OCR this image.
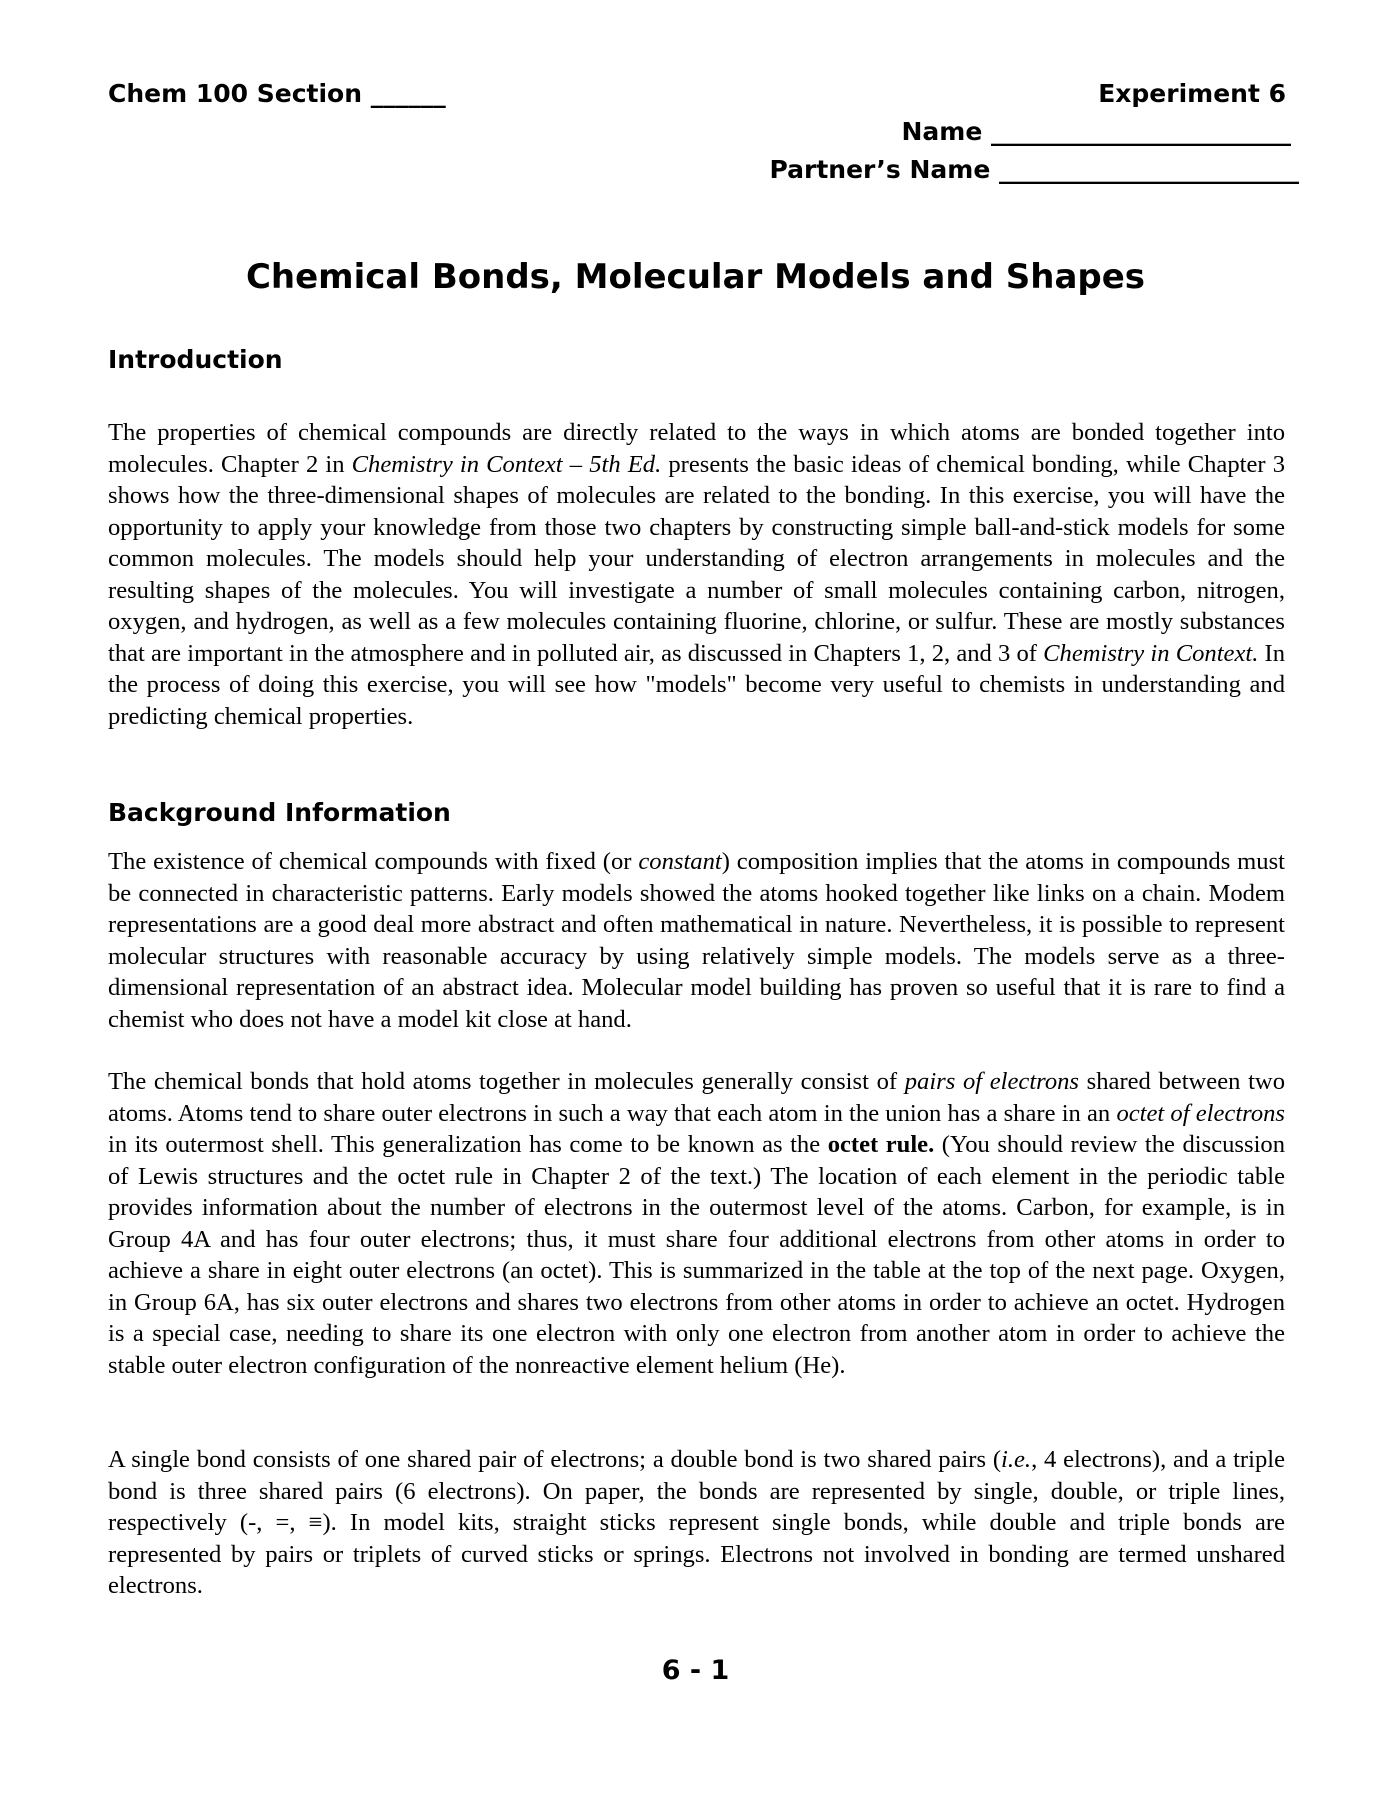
Chem 100 Section ______	Experiment 6
Name ________________________
Partner’s Name ________________________
Chemical Bonds, Molecular Models and Shapes
Introduction

The properties of chemical compounds are directly related to the ways in which atoms are bonded together into molecules. Chapter 2 in Chemistry in Context – 5th Ed. presents the basic ideas of chemical bonding, while Chapter 3 shows how the three-dimensional shapes of molecules are related to the bonding. In this exercise, you will have the opportunity to apply your knowledge from those two chapters by constructing simple ball-and-stick models for some common molecules. The models should help your understanding of electron arrangements in molecules and the resulting shapes of the molecules. You will investigate a number of small molecules containing carbon, nitrogen, oxygen, and hydrogen, as well as a few molecules containing fluorine, chlorine, or sulfur. These are mostly substances that are important in the atmosphere and in polluted air, as discussed in Chapters 1, 2, and 3 of Chemistry in Context. In the process of doing this exercise, you will see how "models" become very useful to chemists in understanding and predicting chemical properties.

Background Information

The existence of chemical compounds with fixed (or constant) composition implies that the atoms in compounds must be connected in characteristic patterns. Early models showed the atoms hooked together like links on a chain. Modem representations are a good deal more abstract and often mathematical in nature. Nevertheless, it is possible to represent molecular structures with reasonable accuracy by using relatively simple models. The models serve as a three-dimensional representation of an abstract idea. Molecular model building has proven so useful that it is rare to find a chemist who does not have a model kit close at hand.

The chemical bonds that hold atoms together in molecules generally consist of pairs of electrons shared between two atoms. Atoms tend to share outer electrons in such a way that each atom in the union has a share in an octet of electrons in its outermost shell. This generalization has come to be known as the octet rule. (You should review the discussion of Lewis structures and the octet rule in Chapter 2 of the text.) The location of each element in the periodic table provides information about the number of electrons in the outermost level of the atoms. Carbon, for example, is in Group 4A and has four outer electrons; thus, it must share four additional electrons from other atoms in order to achieve a share in eight outer electrons (an octet). This is summarized in the table at the top of the next page. Oxygen, in Group 6A, has six outer electrons and shares two electrons from other atoms in order to achieve an octet. Hydrogen is a special case, needing to share its one electron with only one electron from another atom in order to achieve the stable outer electron configuration of the nonreactive element helium (He).

A single bond consists of one shared pair of electrons; a double bond is two shared pairs (i.e., 4 electrons), and a triple bond is three shared pairs (6 electrons). On paper, the bonds are represented by single, double, or triple lines, respectively (-, =, ≡). In model kits, straight sticks represent single bonds, while double and triple bonds are represented by pairs or triplets of curved sticks or springs. Electrons not involved in bonding are termed unshared electrons.

6 - 1
